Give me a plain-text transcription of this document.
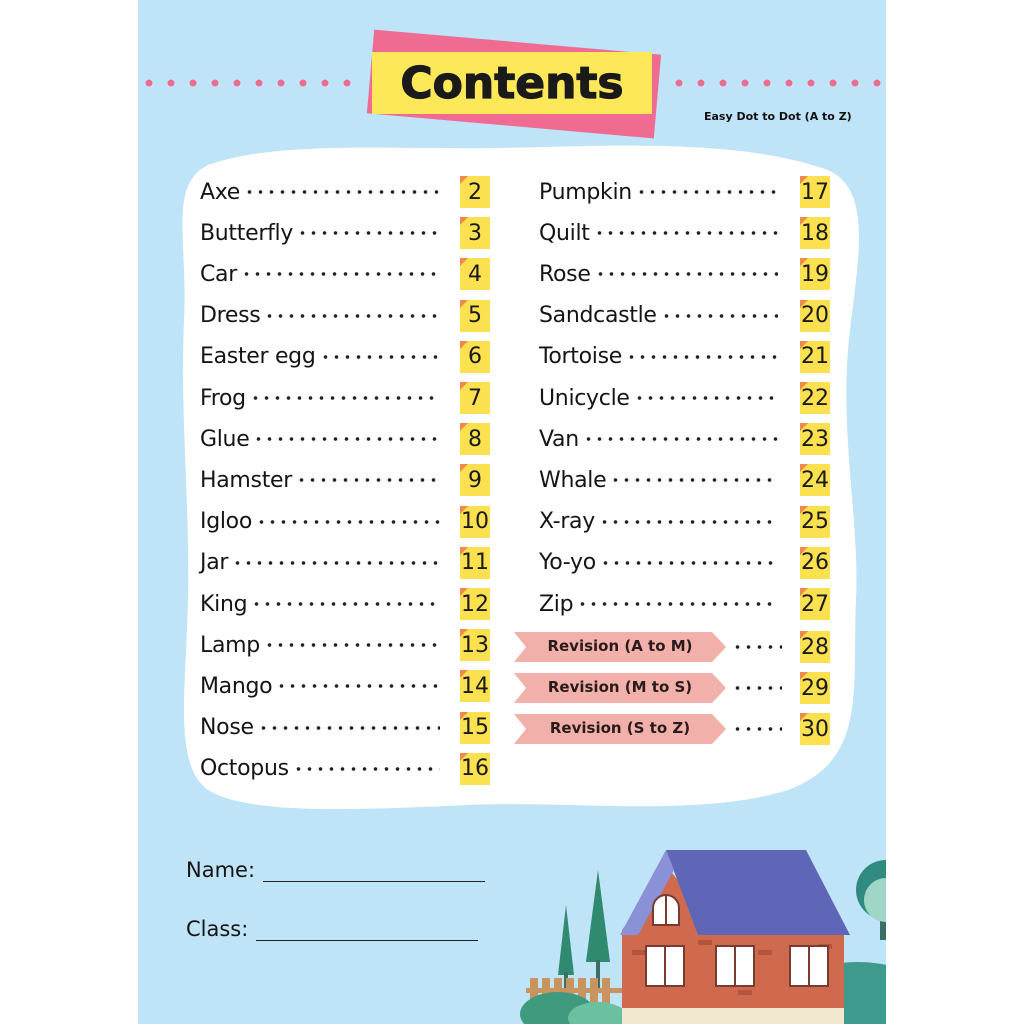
Contents
Easy Dot to Dot (A to Z)
Axe	2
Butterfly	3
Car	4
Dress	5
Easter egg	6
Frog	7
Glue	8
Hamster	9
Igloo	10
Jar	11
King	12
Lamp	13
Mango	14
Nose	15
Octopus	16
Pumpkin	17
Quilt	18
Rose	19
Sandcastle	20
Tortoise	21
Unicycle	22
Van	23
Whale	24
X-ray	25
Yo-yo	26
Zip	27
Revision (A to M)	28
Revision (M to S)	29
Revision (S to Z)	30
Name:
Class:
